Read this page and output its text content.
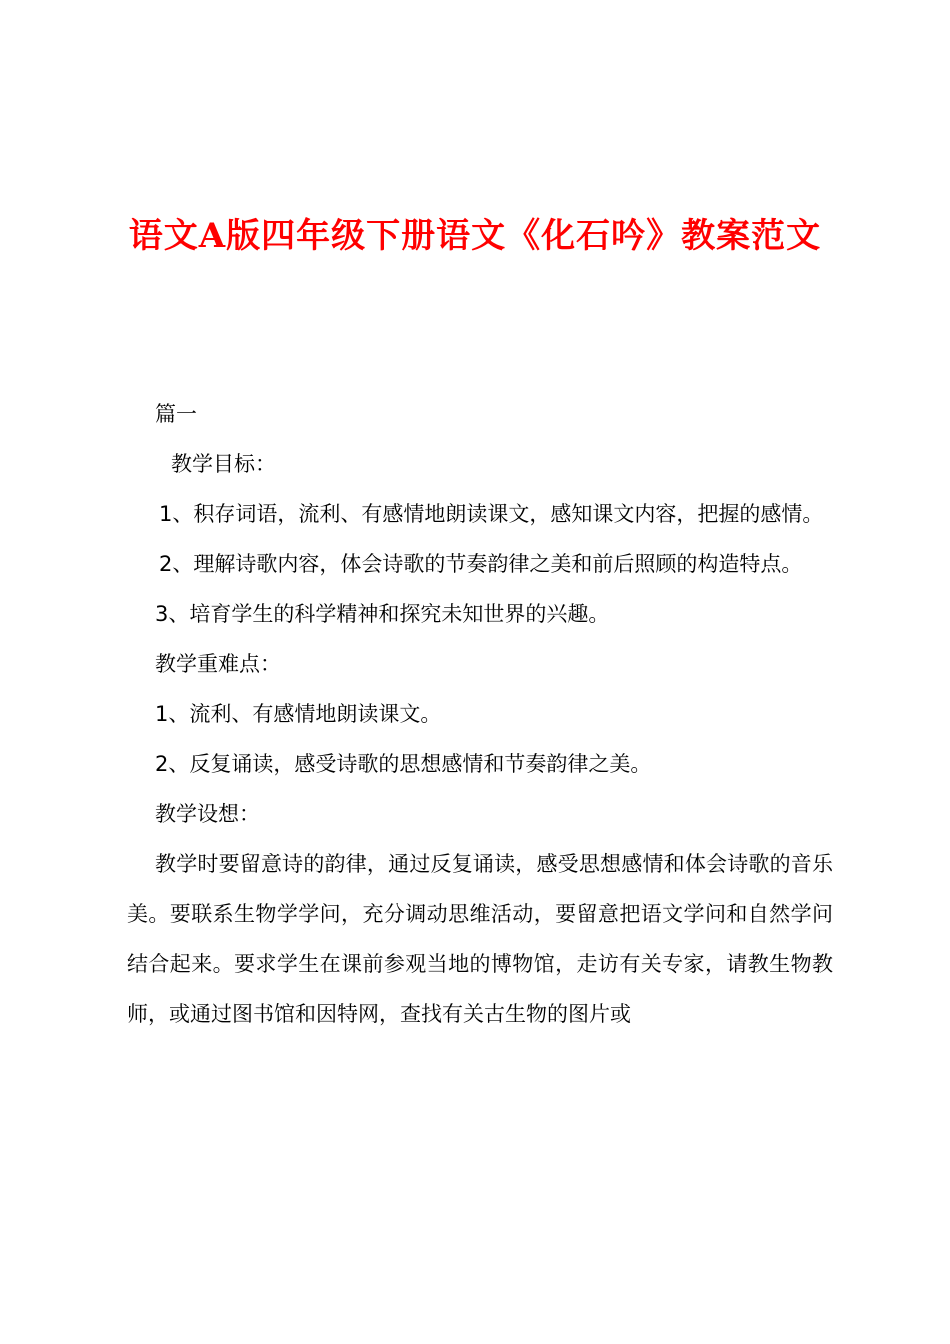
语文A版四年级下册语文《化石吟》教案范文

篇一

教学目标：

1、积存词语，流利、有感情地朗读课文，感知课文内容，把握的感情。

2、理解诗歌内容，体会诗歌的节奏韵律之美和前后照顾的构造特点。

3、培育学生的科学精神和探究未知世界的兴趣。

教学重难点：

1、流利、有感情地朗读课文。

2、反复诵读，感受诗歌的思想感情和节奏韵律之美。

教学设想：

教学时要留意诗的韵律，通过反复诵读，感受思想感情和体会诗歌的音乐美。要联系生物学学问，充分调动思维活动，要留意把语文学问和自然学问结合起来。要求学生在课前参观当地的博物馆，走访有关专家，请教生物教师，或通过图书馆和因特网，查找有关古生物的图片或
